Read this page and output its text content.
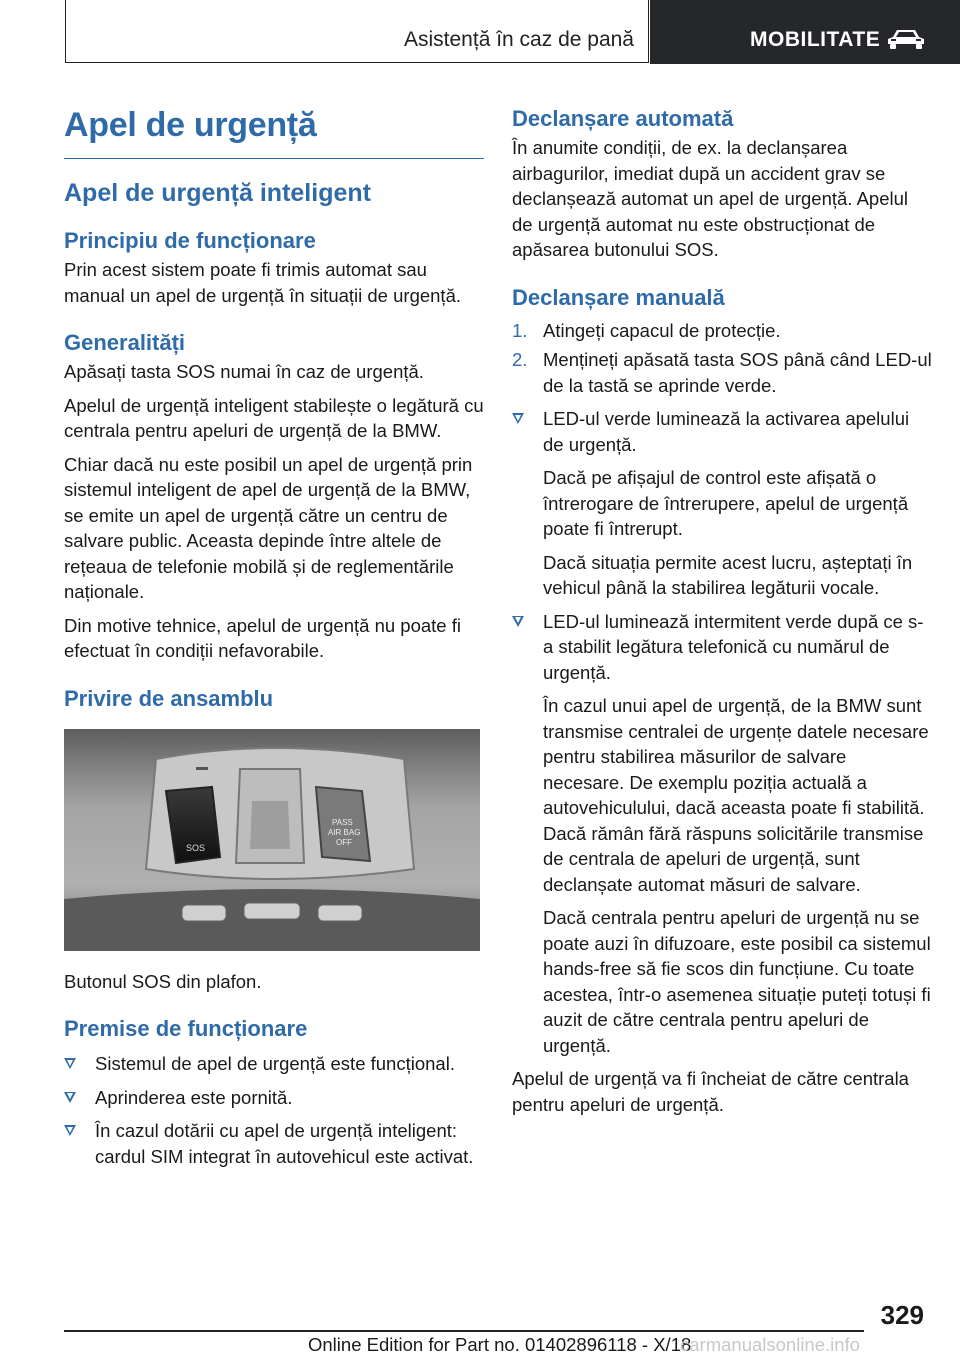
Asistență în caz de pană	MOBILITATE
Apel de urgență
Apel de urgență inteligent
Principiu de funcționare

Prin acest sistem poate fi trimis automat sau manual un apel de urgență în situații de urgență.

Generalități

Apăsați tasta SOS numai în caz de urgență.

Apelul de urgență inteligent stabilește o legătură cu centrala pentru apeluri de urgență de la BMW.

Chiar dacă nu este posibil un apel de urgență prin sistemul inteligent de apel de urgență de la BMW, se emite un apel de urgență către un centru de salvare public. Aceasta depinde între altele de rețeaua de telefonie mobilă și de reglementările naționale.

Din motive tehnice, apelul de urgență nu poate fi efectuat în condiții nefavorabile.

Privire de ansamblu
SOS
PASS
AIR BAG
OFF

Butonul SOS din plafon.

Premise de funcționare

Sistemul de apel de urgență este funcțional.

Aprinderea este pornită.

În cazul dotării cu apel de urgență inteligent: cardul SIM integrat în autovehicul este activat.

Declanșare automată

În anumite condiții, de ex. la declanșarea airbagurilor, imediat după un accident grav se declanșează automat un apel de urgență. Apelul de urgență automat nu este obstrucționat de apăsarea butonului SOS.

Declanșare manuală

1. Atingeți capacul de protecție.

2. Mențineți apăsată tasta SOS până când LED-ul de la tastă se aprinde verde.

LED-ul verde luminează la activarea apelului de urgență.

Dacă pe afișajul de control este afișată o întrerogare de întrerupere, apelul de urgență poate fi întrerupt.

Dacă situația permite acest lucru, așteptați în vehicul până la stabilirea legăturii vocale.

LED-ul luminează intermitent verde după ce s-a stabilit legătura telefonică cu numărul de urgență.

În cazul unui apel de urgență, de la BMW sunt transmise centralei de urgențe datele necesare pentru stabilirea măsurilor de salvare necesare. De exemplu poziția actuală a autovehiculului, dacă aceasta poate fi stabilită. Dacă rămân fără răspuns solicitările transmise de centrala de apeluri de urgență, sunt declanșate automat măsuri de salvare.

Dacă centrala pentru apeluri de urgență nu se poate auzi în difuzoare, este posibil ca sistemul hands-free să fie scos din funcțiune. Cu toate acestea, într-o asemenea situație puteți totuși fi auzit de către centrala pentru apeluri de urgență.

Apelul de urgență va fi încheiat de către centrala pentru apeluri de urgență.

329
Online Edition for Part no. 01402896118 - X/18
carmanualsonline.info
